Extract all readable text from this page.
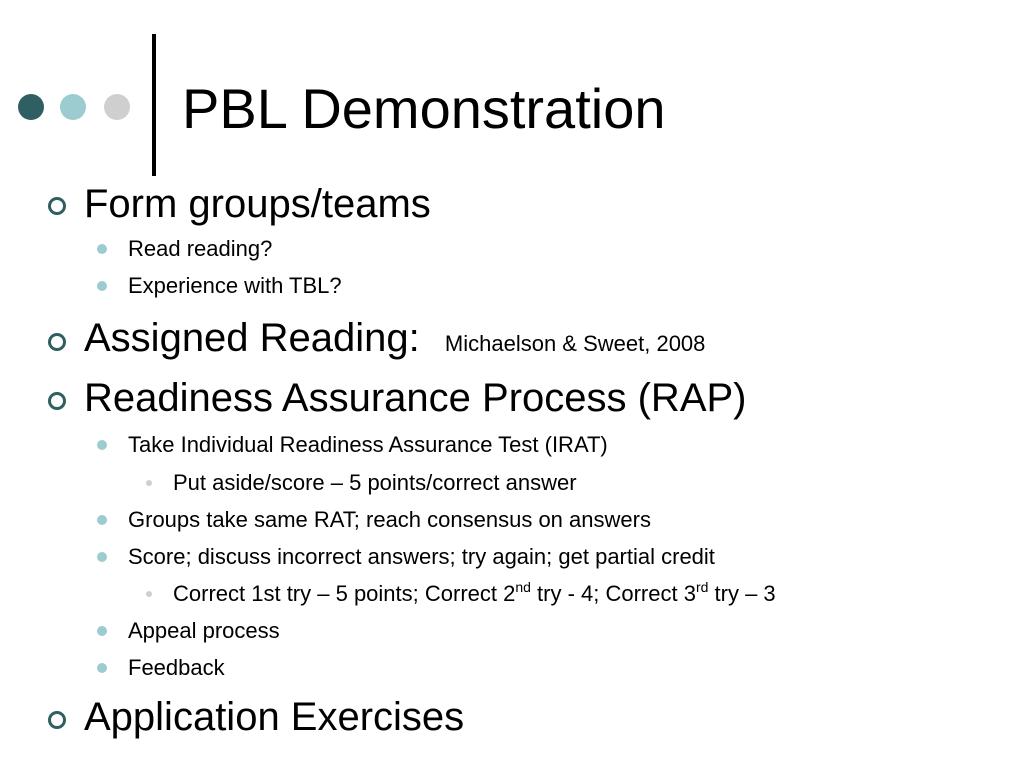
PBL Demonstration
Form groups/teams
Read reading?
Experience with TBL?
Assigned Reading: Michaelson & Sweet, 2008
Readiness Assurance Process (RAP)
Take Individual Readiness Assurance Test (IRAT)
Put aside/score – 5 points/correct answer
Groups take same RAT; reach consensus on answers
Score; discuss incorrect answers; try again; get partial credit
Correct 1st try – 5 points; Correct 2nd try - 4; Correct 3rd try – 3
Appeal process
Feedback
Application Exercises
